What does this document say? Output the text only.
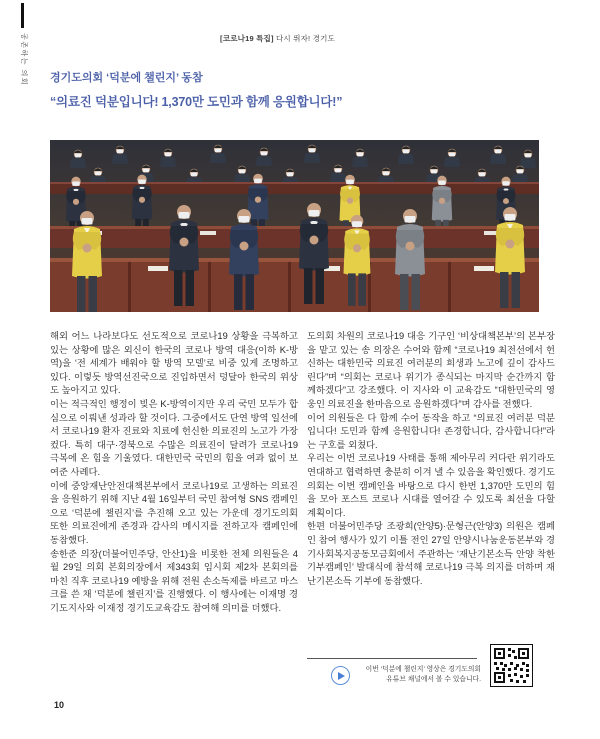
공존하는 의회	[코로나19 특집] 다시 뛰자! 경기도
경기도의회 ‘덕분에 챌린지’ 동참
“의료진 덕분입니다! 1,370만 도민과 함께 응원합니다!”

해외 어느 나라보다도 선도적으로 코로나19 상황을 극복하고 있는 상황에 많은 외신이 한국의 코로나 방역 대응(이하 K-방역)을 ‘전 세계가 배워야 할 방역 모델’로 비중 있게 조명하고 있다. 이렇듯 방역선진국으로 진입하면서 덩달아 한국의 위상도 높아지고 있다.

이는 적극적인 행정이 빚은 K-방역이지만 우리 국민 모두가 합심으로 이뤄낸 성과라 할 것이다. 그중에서도 단연 방역 일선에서 코로나19 환자 진료와 치료에 헌신한 의료진의 노고가 가장 컸다. 특히 대구·경북으로 수많은 의료진이 달려가 코로나19 극복에 온 힘을 기울였다. 대한민국 국민의 힘을 여과 없이 보여준 사례다.

이에 중앙재난안전대책본부에서 코로나19로 고생하는 의료진을 응원하기 위해 지난 4월 16일부터 국민 참여형 SNS 캠페인으로 ‘덕분에 챌린지’를 추진해 오고 있는 가운데 경기도의회 또한 의료진에게 존경과 감사의 메시지를 전하고자 캠페인에 동참했다.

송한준 의장(더불어민주당, 안산1)을 비롯한 전체 의원들은 4월 29일 의회 본회의장에서 제343회 임시회 제2차 본회의를 마친 직후 코로나19 예방을 위해 전원 손소독제를 바르고 마스크를 쓴 채 ‘덕분에 챌린지’를 진행했다. 이 행사에는 이재명 경기도지사와 이재정 경기도교육감도 참여해 의미를 더했다.

도의회 차원의 코로나19 대응 기구인 ‘비상대책본부’의 본부장을 맡고 있는 송 의장은 수어와 함께 “코로나19 최전선에서 헌신하는 대한민국 의료진 여러분의 희생과 노고에 깊이 감사드린다”며 “의회는 코로나 위기가 종식되는 마지막 순간까지 함께하겠다”고 강조했다. 이 지사와 이 교육감도 “대한민국의 영웅인 의료진을 한마음으로 응원하겠다”며 감사를 전했다.

이어 의원들은 다 함께 수어 동작을 하고 “의료진 여러분 덕분입니다! 도민과 함께 응원합니다! 존경합니다, 감사합니다!”라는 구호를 외쳤다.

우리는 이번 코로나19 사태를 통해 제아무리 커다란 위기라도 연대하고 협력하면 충분히 이겨 낼 수 있음을 확인했다. 경기도의회는 이번 캠페인을 바탕으로 다시 한번 1,370만 도민의 힘을 모아 포스트 코로나 시대를 열어갈 수 있도록 최선을 다할 계획이다.

한편 더불어민주당 조광희(안양5)·문형근(안양3) 의원은 캠페인 참여 행사가 있기 이틀 전인 27일 안양시나눔운동본부와 경기사회복지공동모금회에서 주관하는 ‘재난기본소득 안양 착한 기부캠페인’ 발대식에 참석해 코로나19 극복 의지를 더하며 재난기본소득 기부에 동참했다.

이번 ‘덕분에 챌린지’ 영상은 경기도의회
유튜브 채널에서 볼 수 있습니다.
10
